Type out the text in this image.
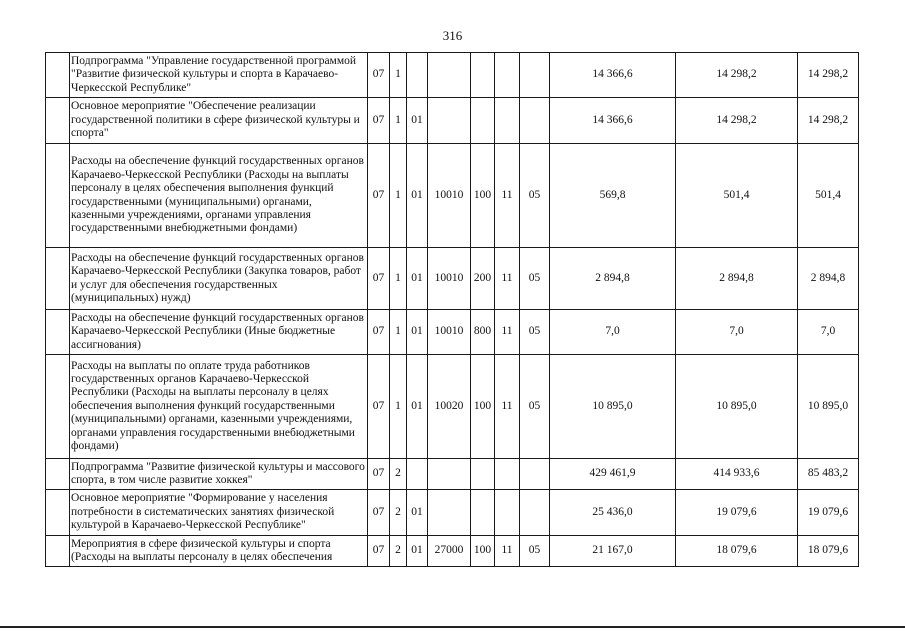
316
	Подпрограмма "Управление государственной программой "Развитие физической культуры и спорта в Карачаево-Черкесской Республике"	07	1						14 366,6	14 298,2	14 298,2
	Основное мероприятие "Обеспечение реализации государственной политики в сфере физической культуры и спорта"	07	1	01					14 366,6	14 298,2	14 298,2
	Расходы на обеспечение функций государственных органов Карачаево-Черкесской Республики (Расходы на выплаты персоналу в целях обеспечения выполнения функций государственными (муниципальными) органами, казенными учреждениями, органами управления государственными внебюджетными фондами)	07	1	01	10010	100	11	05	569,8	501,4	501,4
	Расходы на обеспечение функций государственных органов Карачаево-Черкесской Республики (Закупка товаров, работ и услуг для обеспечения государственных (муниципальных) нужд)	07	1	01	10010	200	11	05	2 894,8	2 894,8	2 894,8
	Расходы на обеспечение функций государственных органов Карачаево-Черкесской Республики (Иные бюджетные ассигнования)	07	1	01	10010	800	11	05	7,0	7,0	7,0
	Расходы на выплаты по оплате труда работников государственных органов Карачаево-Черкесской Республики (Расходы на выплаты персоналу в целях обеспечения выполнения функций государственными (муниципальными) органами, казенными учреждениями, органами управления государственными внебюджетными фондами)	07	1	01	10020	100	11	05	10 895,0	10 895,0	10 895,0
	Подпрограмма "Развитие физической культуры и массового спорта, в том числе развитие хоккея"	07	2						429 461,9	414 933,6	85 483,2
	Основное мероприятие "Формирование у населения потребности в систематических занятиях физической культурой в Карачаево-Черкесской Республике"	07	2	01					25 436,0	19 079,6	19 079,6
	Мероприятия в сфере физической культуры и спорта (Расходы на выплаты персоналу в целях обеспечения	07	2	01	27000	100	11	05	21 167,0	18 079,6	18 079,6
